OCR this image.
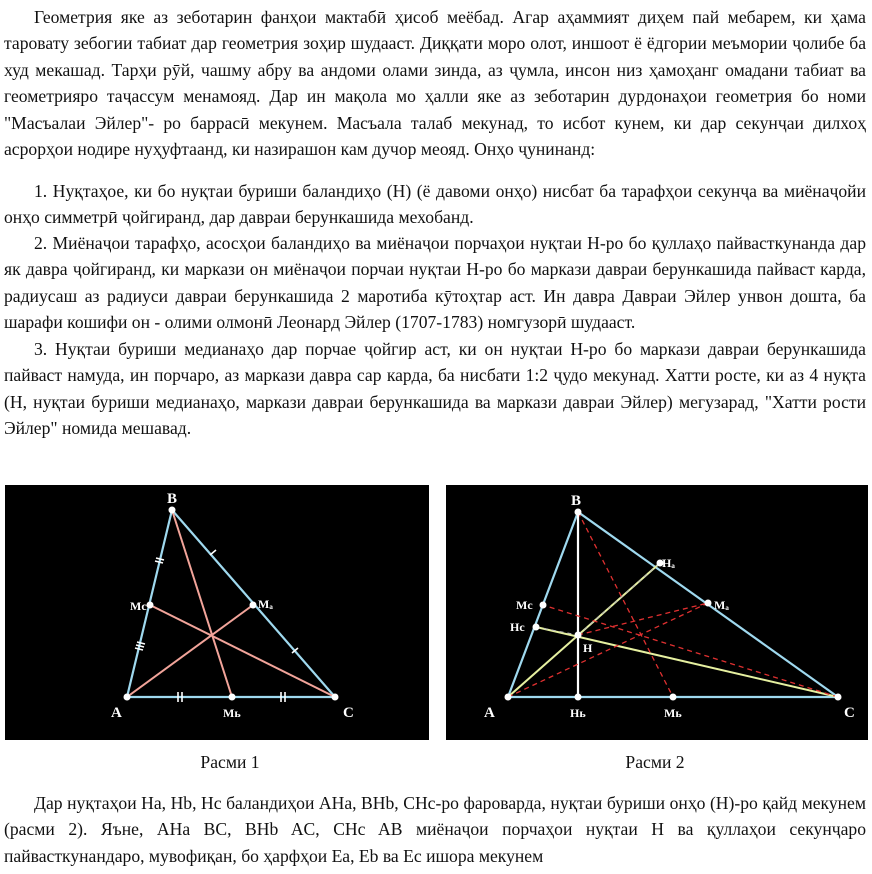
Геометрия яке аз зеботарин фанҳои мактабӣ ҳисоб меёбад. Агар аҳаммият диҳем пай мебарем, ки ҳама таровату зебогии табиат дар геометрия зоҳир шудааст. Диққати моро олот, иншоот ё ёдгории меъмории ҷолибе ба худ мекашад. Тарҳи рӯй, чашму абру ва андоми олами зинда, аз ҷумла, инсон низ ҳамоҳанг омадани табиат ва геометрияро таҷассум менамояд. Дар ин мақола мо ҳалли яке аз зеботарин дурдонаҳои геометрия бо номи "Масъалаи Эйлер"- ро баррасӣ мекунем. Масъала талаб мекунад, то исбот кунем, ки дар секунҷаи дилхоҳ асрорҳои нодире нуҳуфтаанд, ки назирашон кам дучор меояд. Онҳо ҷунинанд:

1. Нуқтаҳое, ки бо нуқтаи буриши баландиҳо (Н) (ё давоми онҳо) нисбат ба тарафҳои секунҷа ва миёнаҷойи онҳо симметрӣ ҷойгиранд, дар давраи берункашида мехобанд.

2. Миёнаҷои тарафҳо, асосҳои баландиҳо ва миёнаҷои порчаҳои нуқтаи Н-ро бо қуллаҳо пайвасткунанда дар як давра ҷойгиранд, ки маркази он миёнаҷои порчаи нуқтаи Н-ро бо маркази давраи берункашида пайваст карда, радиусаш аз радиуси давраи берункашида 2 маротиба кӯтоҳтар аст. Ин давра Давраи Эйлер унвон дошта, ба шарафи кошифи он - олими олмонӣ Леонард Эйлер (1707-1783) номгузорӣ шудааст.

3. Нуқтаи буриши медианаҳо дар порчае ҷойгир аст, ки он нуқтаи Н-ро бо маркази давраи берункашида пайваст намуда, ин порчаро, аз маркази давра сар карда, ба нисбати 1:2 ҷудо мекунад. Хатти росте, ки аз 4 нуқта (Н, нуқтаи буриши медианаҳо, маркази давраи берункашида ва маркази давраи Эйлер) мегузарад, "Хатти рости Эйлер" номида мешавад.

A
B
C
Mc	Mₐ
Mь	A
B
C
H
Hₐ
Mₐ
Mc
Hc
Hь	Mь
Расми 1	Расми 2

Дар нуқтаҳои Ha, Hb, Hc баландиҳои AHa, BHb, CHc-ро фароварда, нуқтаи буриши онҳо (H)-ро қайд мекунем (расми 2). Яъне, AHa BC, BHb AC, CHc AB миёнаҷои порчаҳои нуқтаи H ва қуллаҳои секунҷаро пайвасткунандаро, мувофиқан, бо ҳарфҳои Ea, Eb ва Ec ишора мекунем
